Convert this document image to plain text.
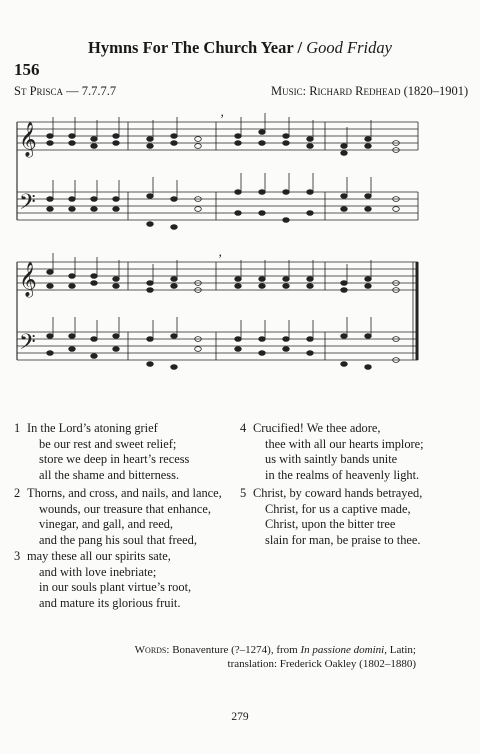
Hymns For The Church Year / Good Friday
156
St Prisca — 7.7.7.7	Music: Richard Redhead (1820–1901)
𝄞
𝄢
’
𝄞
𝄢
’
1 In the Lord’s atoning grief
be our rest and sweet relief;
store we deep in heart’s recess
all the shame and bitterness.
2 Thorns, and cross, and nails, and lance,
wounds, our treasure that enhance,
vinegar, and gall, and reed,
and the pang his soul that freed,
3 may these all our spirits sate,
and with love inebriate;
in our souls plant virtue’s root,
and mature its glorious fruit.
4 Crucified! We thee adore,
thee with all our hearts implore;
us with saintly bands unite
in the realms of heavenly light.
5 Christ, by coward hands betrayed,
Christ, for us a captive made,
Christ, upon the bitter tree
slain for man, be praise to thee.
Words: Bonaventure (?–1274), from In passione domini, Latin;
translation: Frederick Oakley (1802–1880)
279
